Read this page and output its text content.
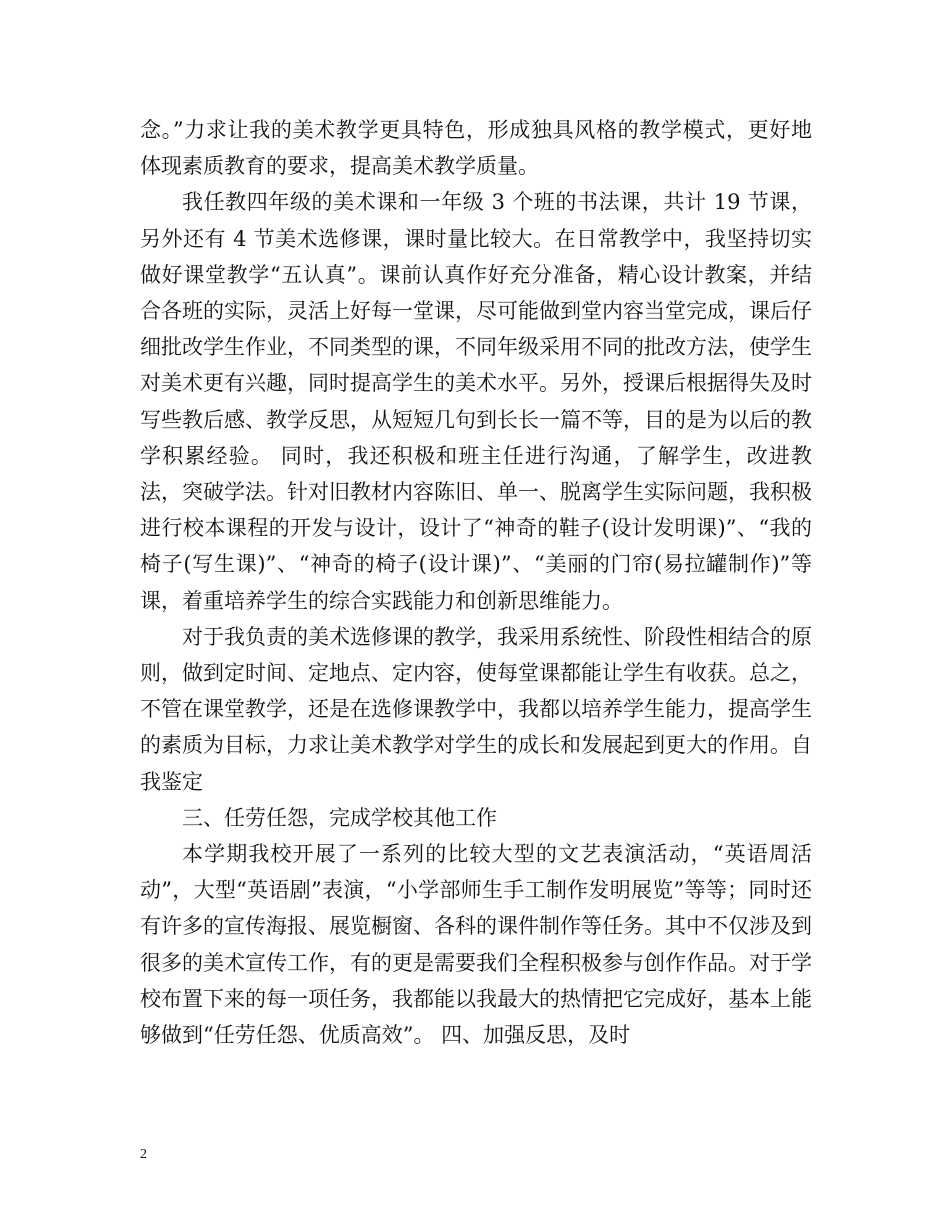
念。”力求让我的美术教学更具特色，形成独具风格的教学模式，更好地体现素质教育的要求，提高美术教学质量。

我任教四年级的美术课和一年级 3 个班的书法课，共计 19 节课，另外还有 4 节美术选修课，课时量比较大。在日常教学中，我坚持切实做好课堂教学“五认真”。课前认真作好充分准备，精心设计教案，并结合各班的实际，灵活上好每一堂课，尽可能做到堂内容当堂完成，课后仔细批改学生作业，不同类型的课，不同年级采用不同的批改方法，使学生对美术更有兴趣，同时提高学生的美术水平。另外，授课后根据得失及时写些教后感、教学反思，从短短几句到长长一篇不等，目的是为以后的教学积累经验。 同时，我还积极和班主任进行沟通，了解学生，改进教法，突破学法。针对旧教材内容陈旧、单一、脱离学生实际问题，我积极进行校本课程的开发与设计，设计了“神奇的鞋子(设计发明课)”、“我的椅子(写生课)”、“神奇的椅子(设计课)”、“美丽的门帘(易拉罐制作)”等课，着重培养学生的综合实践能力和创新思维能力。

对于我负责的美术选修课的教学，我采用系统性、阶段性相结合的原则，做到定时间、定地点、定内容，使每堂课都能让学生有收获。总之，不管在课堂教学，还是在选修课教学中，我都以培养学生能力，提高学生的素质为目标，力求让美术教学对学生的成长和发展起到更大的作用。自我鉴定

三、任劳任怨，完成学校其他工作

本学期我校开展了一系列的比较大型的文艺表演活动，“英语周活动”，大型“英语剧”表演，“小学部师生手工制作发明展览”等等；同时还有许多的宣传海报、展览橱窗、各科的课件制作等任务。其中不仅涉及到很多的美术宣传工作，有的更是需要我们全程积极参与创作作品。对于学校布置下来的每一项任务，我都能以我最大的热情把它完成好，基本上能够做到“任劳任怨、优质高效”。 四、加强反思，及时

2
